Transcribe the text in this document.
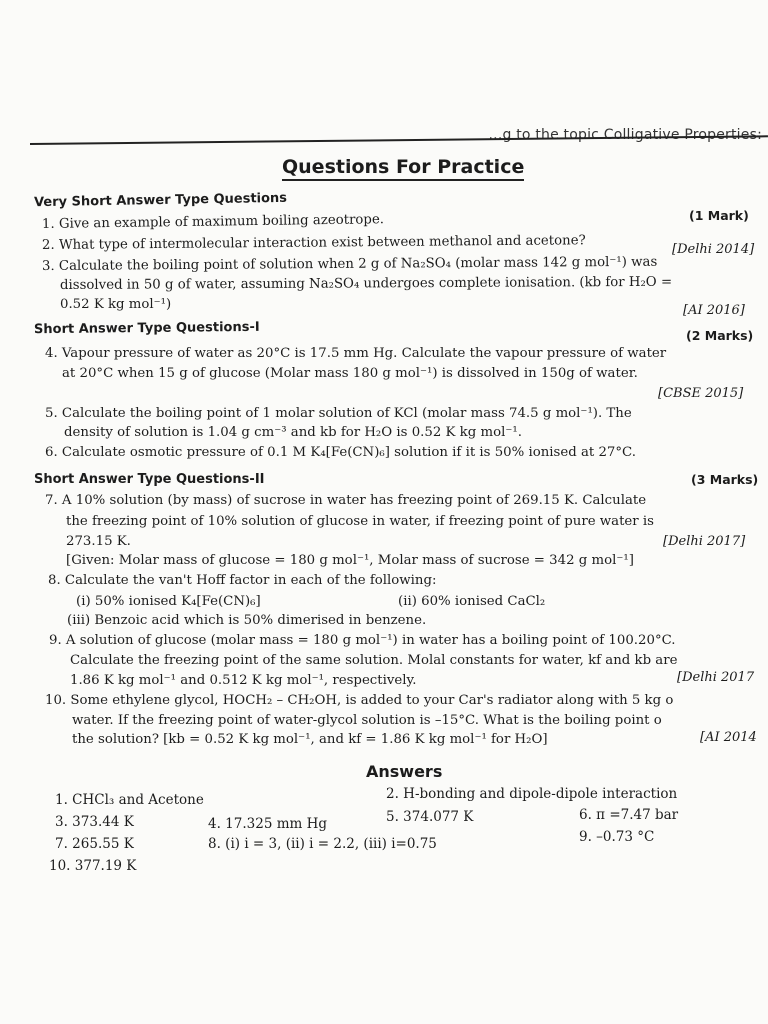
...g to the topic Colligative Properties:
Questions For Practice
Very Short Answer Type Questions
(1 Mark)
1. Give an example of maximum boiling azeotrope.
2. What type of intermolecular interaction exist between methanol and acetone?	[Delhi 2014]
3. Calculate the boiling point of solution when 2 g of Na₂SO₄ (molar mass 142 g mol⁻¹) was
dissolved in 50 g of water, assuming Na₂SO₄ undergoes complete ionisation. (kb for H₂O =
0.52 K kg mol⁻¹)	[AI 2016]
Short Answer Type Questions-I	(2 Marks)
4. Vapour pressure of water as 20°C is 17.5 mm Hg. Calculate the vapour pressure of water
at 20°C when 15 g of glucose (Molar mass 180 g mol⁻¹) is dissolved in 150g of water.
[CBSE 2015]
5. Calculate the boiling point of 1 molar solution of KCl (molar mass 74.5 g mol⁻¹). The
density of solution is 1.04 g cm⁻³ and kb for H₂O is 0.52 K kg mol⁻¹.
6. Calculate osmotic pressure of 0.1 M K₄[Fe(CN)₆] solution if it is 50% ionised at 27°C.
Short Answer Type Questions-II	(3 Marks)
7. A 10% solution (by mass) of sucrose in water has freezing point of 269.15 K. Calculate
the freezing point of 10% solution of glucose in water, if freezing point of pure water is
273.15 K.	[Delhi 2017]
[Given: Molar mass of glucose = 180 g mol⁻¹, Molar mass of sucrose = 342 g mol⁻¹]
8. Calculate the van't Hoff factor in each of the following:
(i) 50% ionised K₄[Fe(CN)₆]	(ii) 60% ionised CaCl₂
(iii) Benzoic acid which is 50% dimerised in benzene.
9. A solution of glucose (molar mass = 180 g mol⁻¹) in water has a boiling point of 100.20°C.
Calculate the freezing point of the same solution. Molal constants for water, kf and kb are
1.86 K kg mol⁻¹ and 0.512 K kg mol⁻¹, respectively.	[Delhi 2017
10. Some ethylene glycol, HOCH₂ – CH₂OH, is added to your Car's radiator along with 5 kg o
water. If the freezing point of water-glycol solution is –15°C. What is the boiling point o
the solution? [kb = 0.52 K kg mol⁻¹, and kf = 1.86 K kg mol⁻¹ for H₂O]	[AI 2014
Answers
1. CHCl₃ and Acetone	2. H-bonding and dipole-dipole interaction
3. 373.44 K	4. 17.325 mm Hg	5. 374.077 K	6. π =7.47 bar
7. 265.55 K	8. (i) i = 3, (ii) i = 2.2, (iii) i=0.75	9. –0.73 °C
10. 377.19 K
